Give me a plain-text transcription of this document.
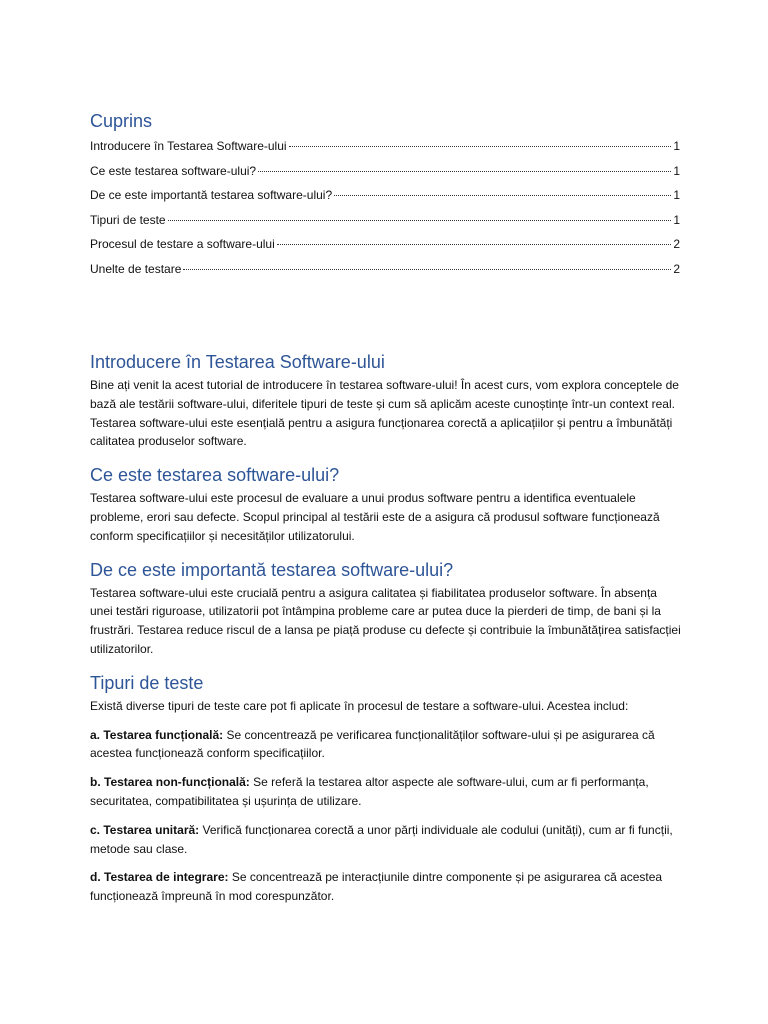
Cuprins
Introducere în Testarea Software-ului	1
Ce este testarea software-ului?	1
De ce este importantă testarea software-ului?	1
Tipuri de teste	1
Procesul de testare a software-ului	2
Unelte de testare	2
Introducere în Testarea Software-ului

Bine ați venit la acest tutorial de introducere în testarea software-ului! În acest curs, vom explora conceptele de bază ale testării software-ului, diferitele tipuri de teste și cum să aplicăm aceste cunoștințe într-un context real. Testarea software-ului este esențială pentru a asigura funcționarea corectă a aplicațiilor și pentru a îmbunătăți calitatea produselor software.

Ce este testarea software-ului?

Testarea software-ului este procesul de evaluare a unui produs software pentru a identifica eventualele probleme, erori sau defecte. Scopul principal al testării este de a asigura că produsul software funcționează conform specificațiilor și necesităților utilizatorului.

De ce este importantă testarea software-ului?

Testarea software-ului este crucială pentru a asigura calitatea și fiabilitatea produselor software. În absența unei testări riguroase, utilizatorii pot întâmpina probleme care ar putea duce la pierderi de timp, de bani și la frustrări. Testarea reduce riscul de a lansa pe piață produse cu defecte și contribuie la îmbunătățirea satisfacției utilizatorilor.

Tipuri de teste

Există diverse tipuri de teste care pot fi aplicate în procesul de testare a software-ului. Acestea includ:

a. Testarea funcțională: Se concentrează pe verificarea funcționalităților software-ului și pe asigurarea că acestea funcționează conform specificațiilor.

b. Testarea non-funcțională: Se referă la testarea altor aspecte ale software-ului, cum ar fi performanța, securitatea, compatibilitatea și ușurința de utilizare.

c. Testarea unitară: Verifică funcționarea corectă a unor părți individuale ale codului (unități), cum ar fi funcții, metode sau clase.

d. Testarea de integrare: Se concentrează pe interacțiunile dintre componente și pe asigurarea că acestea funcționează împreună în mod corespunzător.
